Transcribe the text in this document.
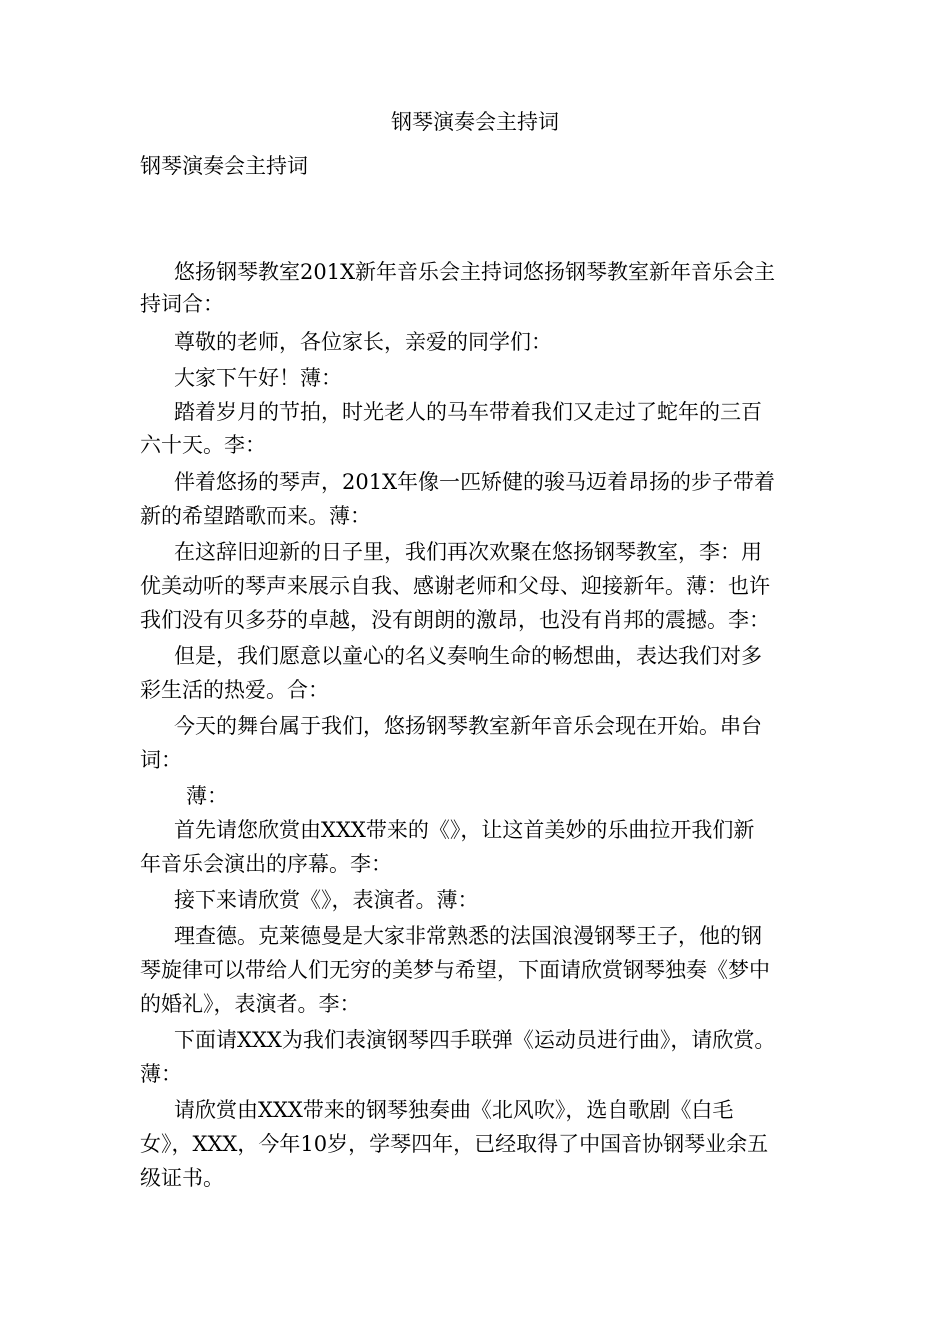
钢琴演奏会主持词
钢琴演奏会主持词
悠扬钢琴教室201X新年音乐会主持词悠扬钢琴教室新年音乐会主
持词合：
尊敬的老师，各位家长，亲爱的同学们：
大家下午好！薄：
踏着岁月的节拍，时光老人的马车带着我们又走过了蛇年的三百
六十天。李：
伴着悠扬的琴声，201X年像一匹矫健的骏马迈着昂扬的步子带着
新的希望踏歌而来。薄：
在这辞旧迎新的日子里，我们再次欢聚在悠扬钢琴教室，李：用
优美动听的琴声来展示自我、感谢老师和父母、迎接新年。薄：也许
我们没有贝多芬的卓越，没有朗朗的激昂，也没有肖邦的震撼。李：
但是，我们愿意以童心的名义奏响生命的畅想曲，表达我们对多
彩生活的热爱。合：
今天的舞台属于我们，悠扬钢琴教室新年音乐会现在开始。串台
词：
薄：
首先请您欣赏由XXX带来的《》，让这首美妙的乐曲拉开我们新
年音乐会演出的序幕。李：
接下来请欣赏《》，表演者。薄：
理查德。克莱德曼是大家非常熟悉的法国浪漫钢琴王子，他的钢
琴旋律可以带给人们无穷的美梦与希望，下面请欣赏钢琴独奏《梦中
的婚礼》，表演者。李：
下面请XXX为我们表演钢琴四手联弹《运动员进行曲》，请欣赏。
薄：
请欣赏由XXX带来的钢琴独奏曲《北风吹》，选自歌剧《白毛
女》，XXX，今年10岁，学琴四年，已经取得了中国音协钢琴业余五
级证书。
